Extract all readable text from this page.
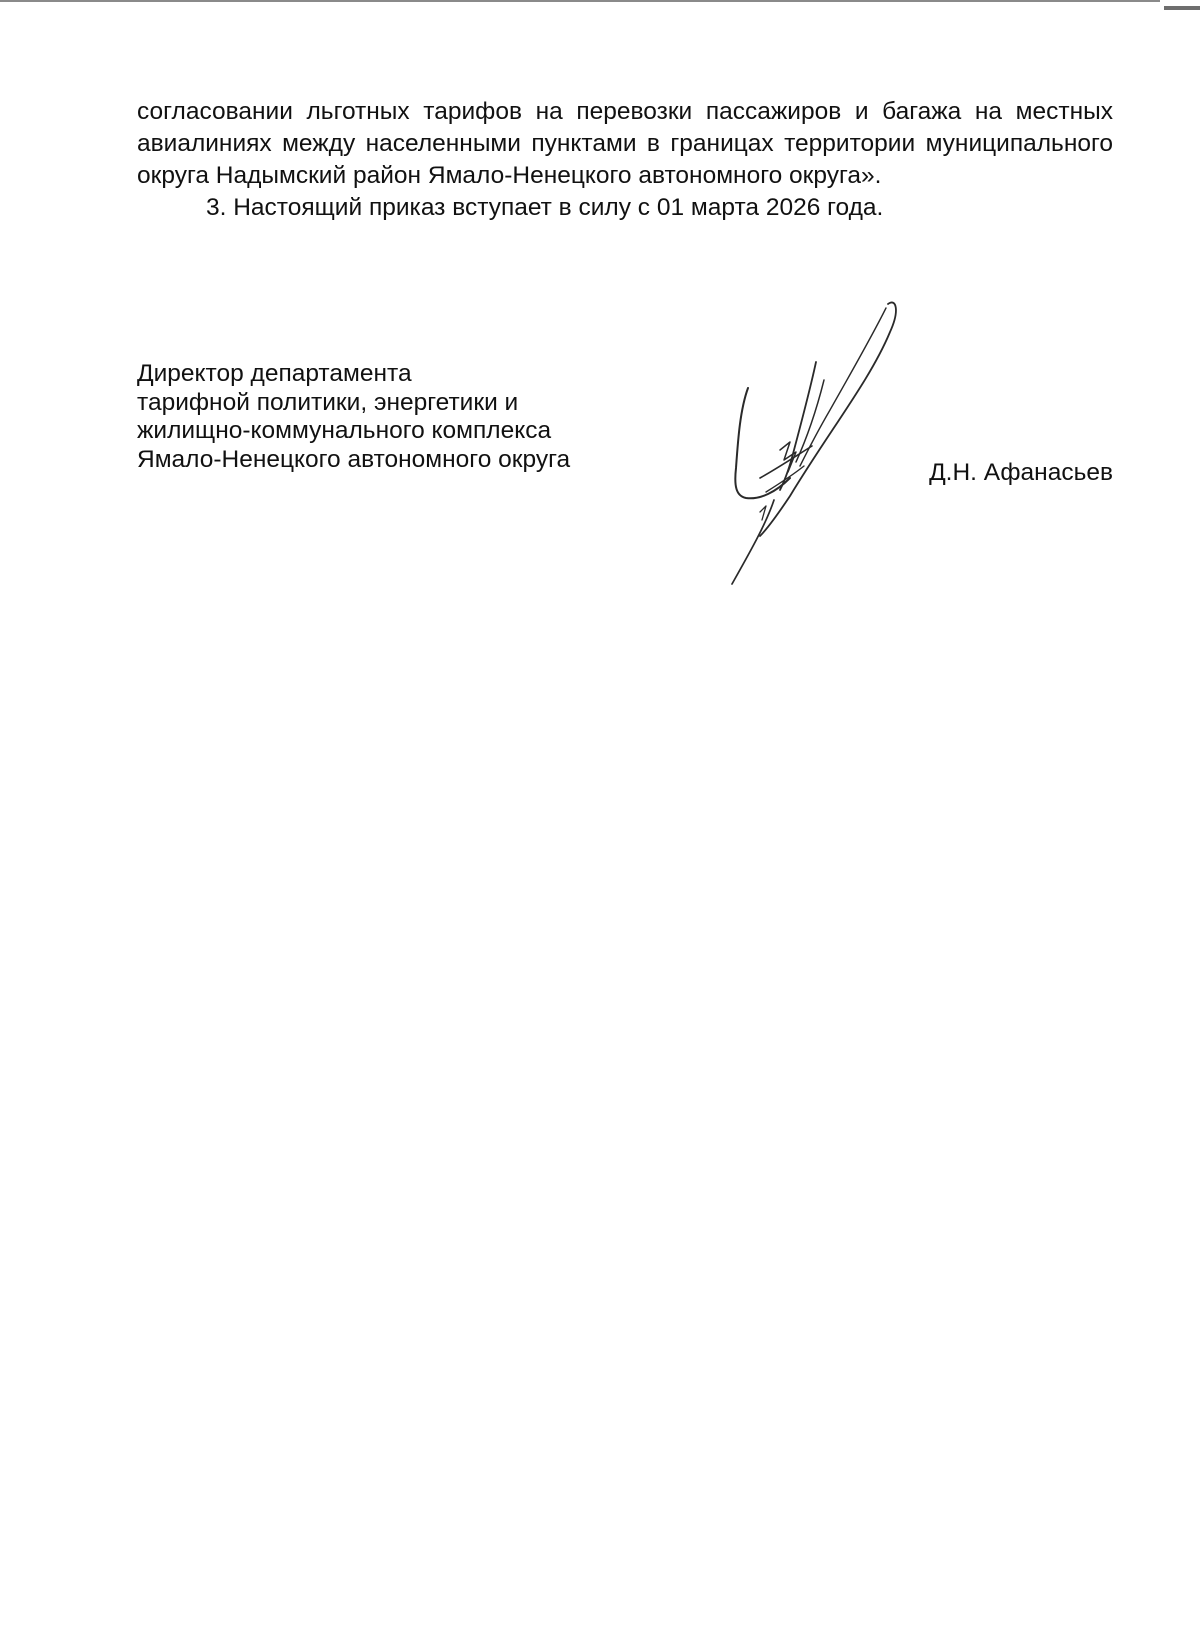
согласовании льготных тарифов на перевозки пассажиров и багажа на местных авиалиниях между населенными пунктами в границах территории муниципального округа Надымский район Ямало-Ненецкого автономного округа».

3. Настоящий приказ вступает в силу с 01 марта 2026 года.

Директор департамента
тарифной политики, энергетики и
жилищно-коммунального комплекса
Ямало-Ненецкого автономного округа	Д.Н. Афанасьев
